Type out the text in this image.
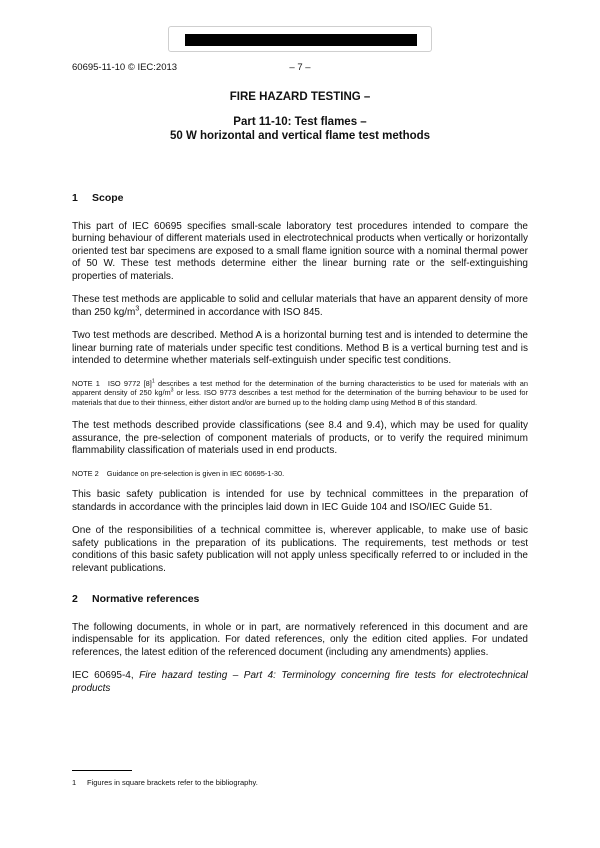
60695-11-10 © IEC:2013	– 7 –
FIRE HAZARD TESTING –
Part 11-10: Test flames –
50 W horizontal and vertical flame test methods
1 Scope

This part of IEC 60695 specifies small-scale laboratory test procedures intended to compare the burning behaviour of different materials used in electrotechnical products when vertically or horizontally oriented test bar specimens are exposed to a small flame ignition source with a nominal thermal power of 50 W. These test methods determine either the linear burning rate or the self-extinguishing properties of materials.

These test methods are applicable to solid and cellular materials that have an apparent density of more than 250 $kg/m^3$, determined in accordance with ISO 845.

Two test methods are described. Method A is a horizontal burning test and is intended to determine the linear burning rate of materials under specific test conditions. Method B is a vertical burning test and is intended to determine whether materials self-extinguish under specific test conditions.

NOTE 1 ISO 9772 $[8]^1$ describes a test method for the determination of the burning characteristics to be used for materials with an apparent density of 250 $kg/m^3$ or less. ISO 9773 describes a test method for the determination of the burning behaviour to be used for materials that due to their thinness, either distort and/or are burned up to the holding clamp using Method B of this standard.

The test methods described provide classifications (see 8.4 and 9.4), which may be used for quality assurance, the pre-selection of component materials of products, or to verify the required minimum flammability classification of materials used in end products.

NOTE 2 Guidance on pre-selection is given in IEC 60695-1-30.

This basic safety publication is intended for use by technical committees in the preparation of standards in accordance with the principles laid down in IEC Guide 104 and ISO/IEC Guide 51.

One of the responsibilities of a technical committee is, wherever applicable, to make use of basic safety publications in the preparation of its publications. The requirements, test methods or test conditions of this basic safety publication will not apply unless specifically referred to or included in the relevant publications.

2 Normative references

The following documents, in whole or in part, are normatively referenced in this document and are indispensable for its application. For dated references, only the edition cited applies. For undated references, the latest edition of the referenced document (including any amendments) applies.

IEC 60695-4, Fire hazard testing – Part 4: Terminology concerning fire tests for electrotechnical products

1 Figures in square brackets refer to the bibliography.
